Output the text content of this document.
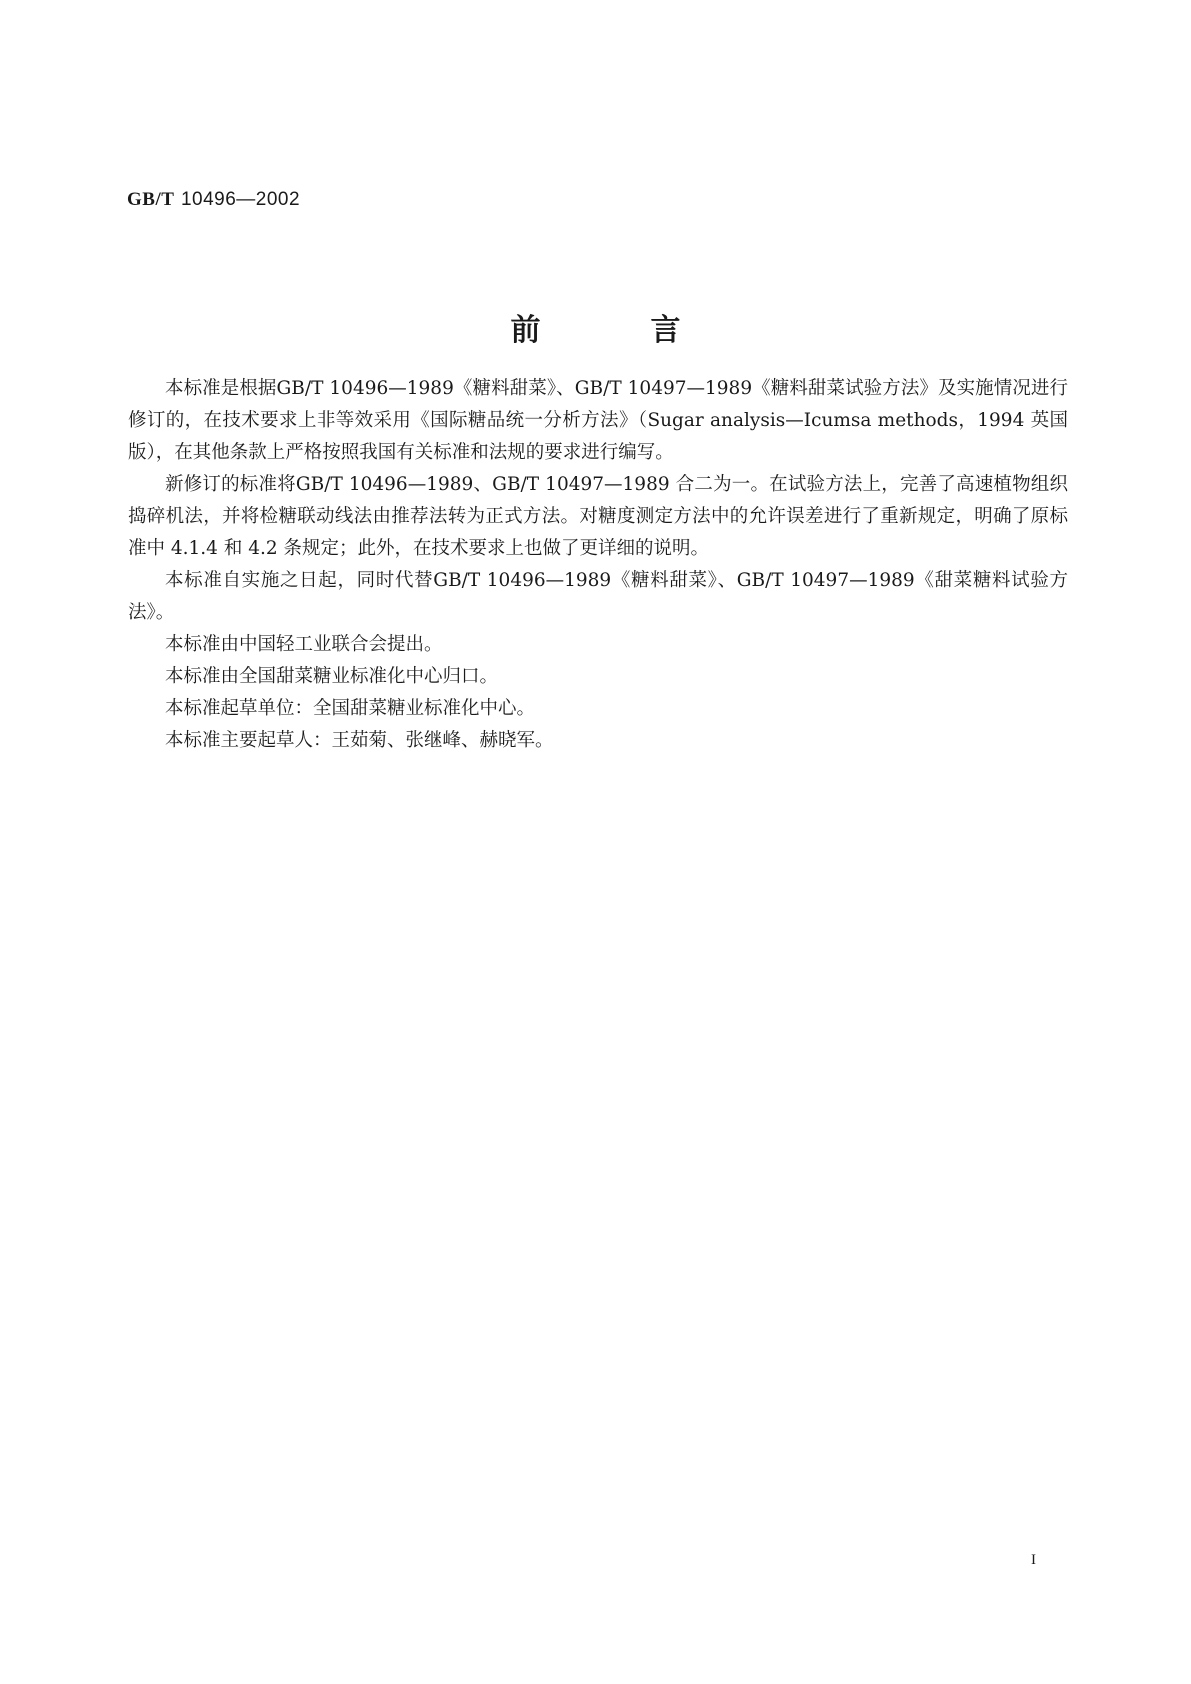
GB/T 10496—2002
前言

本标准是根据GB/T 10496—1989《糖料甜菜》、GB/T 10497—1989《糖料甜菜试验方法》及实施情况进行修订的，在技术要求上非等效采用《国际糖品统一分析方法》（Sugar analysis—Icumsa methods，1994 英国版），在其他条款上严格按照我国有关标准和法规的要求进行编写。

新修订的标准将GB/T 10496—1989、GB/T 10497—1989 合二为一。在试验方法上，完善了高速植物组织捣碎机法，并将检糖联动线法由推荐法转为正式方法。对糖度测定方法中的允许误差进行了重新规定，明确了原标准中 4.1.4 和 4.2 条规定；此外，在技术要求上也做了更详细的说明。

本标准自实施之日起，同时代替GB/T 10496—1989《糖料甜菜》、GB/T 10497—1989《甜菜糖料试验方法》。

本标准由中国轻工业联合会提出。

本标准由全国甜菜糖业标准化中心归口。

本标准起草单位：全国甜菜糖业标准化中心。

本标准主要起草人：王茹菊、张继峰、赫晓军。

I
